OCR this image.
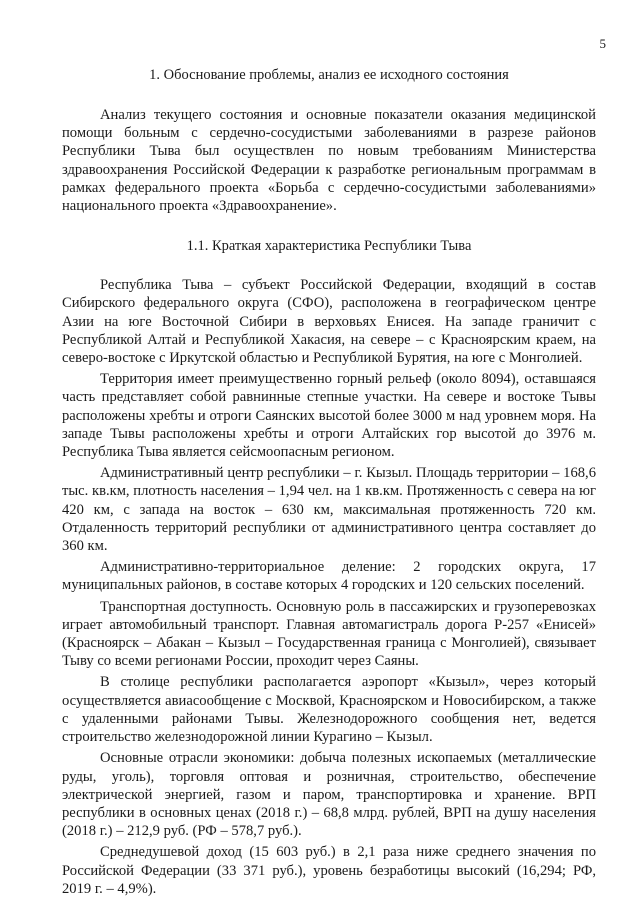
5
1. Обоснование проблемы, анализ ее исходного состояния

Анализ текущего состояния и основные показатели оказания медицинской помощи больным с сердечно-сосудистыми заболеваниями в разрезе районов Республики Тыва был осуществлен по новым требованиям Министерства здравоохранения Российской Федерации к разработке региональным программам в рамках федерального проекта «Борьба с сердечно-сосудистыми заболеваниями» национального проекта «Здравоохранение».

1.1. Краткая характеристика Республики Тыва

Республика Тыва – субъект Российской Федерации, входящий в состав Сибирского федерального округа (СФО), расположена в географическом центре Азии на юге Восточной Сибири в верховьях Енисея. На западе граничит с Республикой Алтай и Республикой Хакасия, на севере – с Красноярским краем, на северо-востоке с Иркутской областью и Республикой Бурятия, на юге с Монголией.

Территория имеет преимущественно горный рельеф (около 8094), оставшаяся часть представляет собой равнинные степные участки. На севере и востоке Тывы расположены хребты и отроги Саянских высотой более 3000 м над уровнем моря. На западе Тывы расположены хребты и отроги Алтайских гор высотой до 3976 м. Республика Тыва является сейсмоопасным регионом.

Административный центр республики – г. Кызыл. Площадь территории – 168,6 тыс. кв.км, плотность населения – 1,94 чел. на 1 кв.км. Протяженность с севера на юг 420 км, с запада на восток – 630 км, максимальная протяженность 720 км. Отдаленность территорий республики от административного центра составляет до 360 км.

Административно-территориальное деление: 2 городских округа, 17 муниципальных районов, в составе которых 4 городских и 120 сельских поселений.

Транспортная доступность. Основную роль в пассажирских и грузоперевозках играет автомобильный транспорт. Главная автомагистраль дорога Р-257 «Енисей» (Красноярск – Абакан – Кызыл – Государственная граница с Монголией), связывает Тыву со всеми регионами России, проходит через Саяны.

В столице республики располагается аэропорт «Кызыл», через который осуществляется авиасообщение с Москвой, Красноярском и Новосибирском, а также с удаленными районами Тывы. Железнодорожного сообщения нет, ведется строительство железнодорожной линии Курагино – Кызыл.

Основные отрасли экономики: добыча полезных ископаемых (металлические руды, уголь), торговля оптовая и розничная, строительство, обеспечение электрической энергией, газом и паром, транспортировка и хранение. ВРП республики в основных ценах (2018 г.) – 68,8 млрд. рублей, ВРП на душу населения (2018 г.) – 212,9 руб. (РФ – 578,7 руб.).

Среднедушевой доход (15 603 руб.) в 2,1 раза ниже среднего значения по Российской Федерации (33 371 руб.), уровень безработицы высокий (16,294; РФ, 2019 г. – 4,9%).
